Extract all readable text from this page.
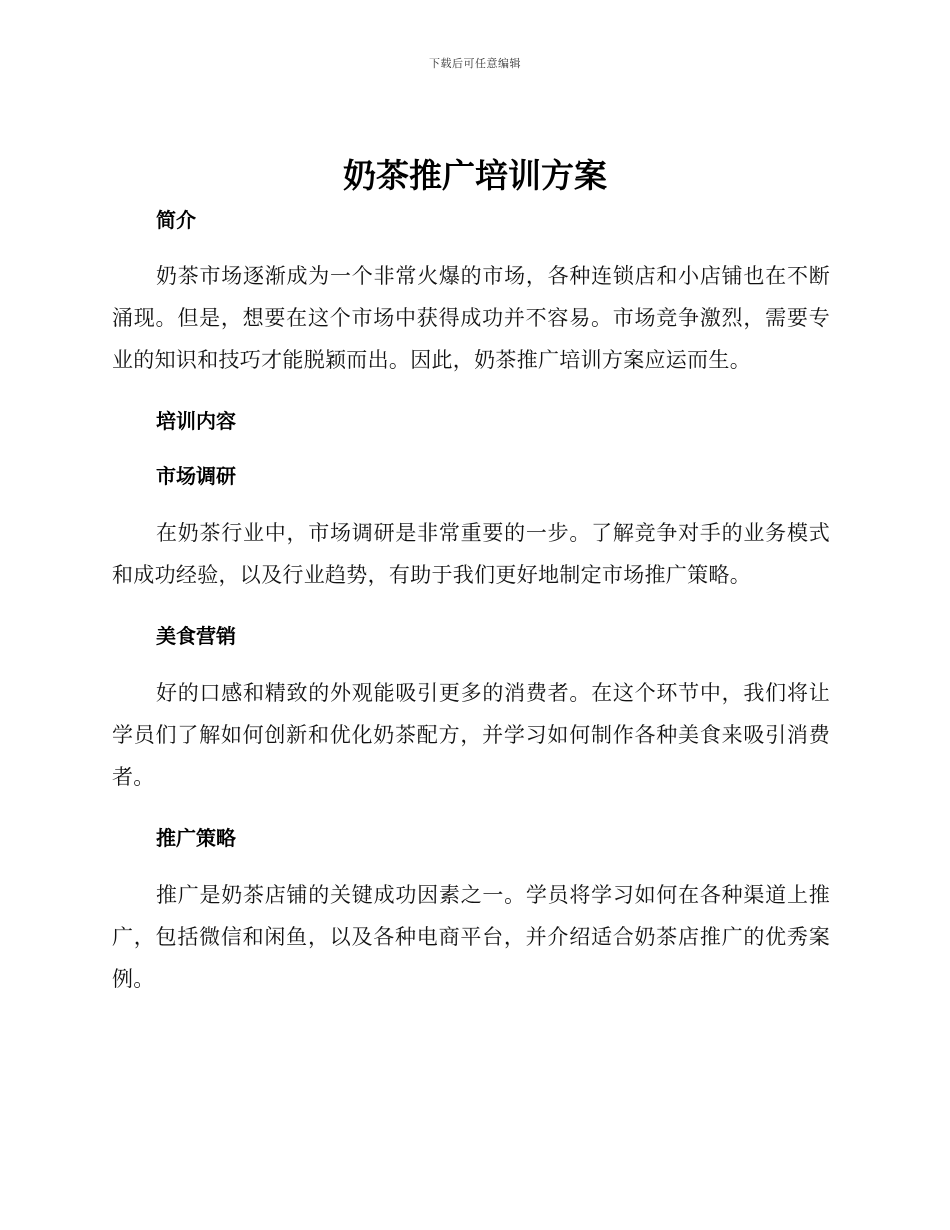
下载后可任意编辑
奶茶推广培训方案
简介

奶茶市场逐渐成为一个非常火爆的市场，各种连锁店和小店铺也在不断涌现。但是，想要在这个市场中获得成功并不容易。市场竞争激烈，需要专业的知识和技巧才能脱颖而出。因此，奶茶推广培训方案应运而生。

培训内容
市场调研

在奶茶行业中，市场调研是非常重要的一步。了解竞争对手的业务模式和成功经验，以及行业趋势，有助于我们更好地制定市场推广策略。

美食营销

好的口感和精致的外观能吸引更多的消费者。在这个环节中，我们将让学员们了解如何创新和优化奶茶配方，并学习如何制作各种美食来吸引消费者。

推广策略

推广是奶茶店铺的关键成功因素之一。学员将学习如何在各种渠道上推广，包括微信和闲鱼，以及各种电商平台，并介绍适合奶茶店推广的优秀案例。
